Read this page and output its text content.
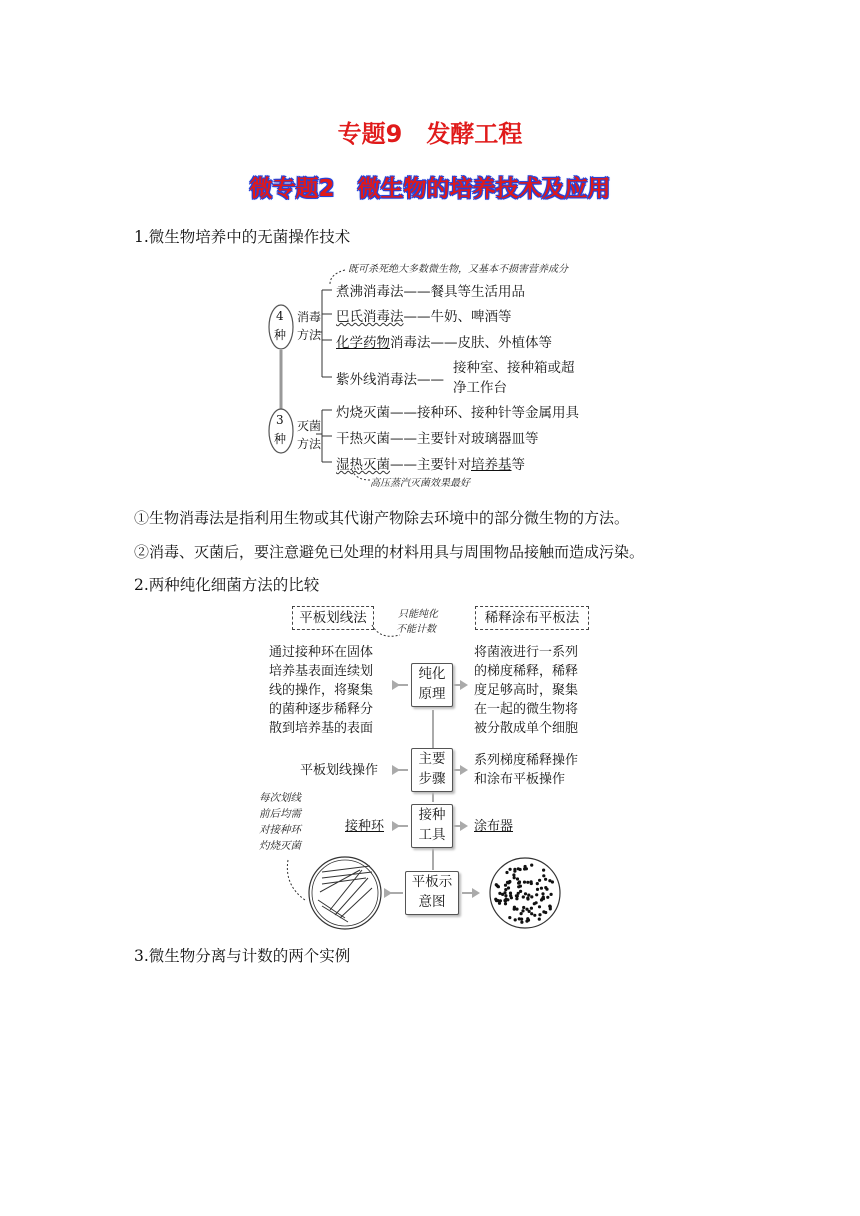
专题9　发酵工程
微专题2　微生物的培养技术及应用
1.微生物培养中的无菌操作技术
既可杀死绝大多数微生物，又基本不损害营养成分
4
种
消毒
方法
3
种
灭菌
方法
煮沸消毒法——餐具等生活用品
巴氏消毒法——牛奶、啤酒等
化学药物消毒法——皮肤、外植体等
紫外线消毒法——
接种室、接种箱或超
净工作台
灼烧灭菌——接种环、接种针等金属用具
干热灭菌——主要针对玻璃器皿等
湿热灭菌——主要针对培养基等
高压蒸汽灭菌效果最好
①生物消毒法是指利用生物或其代谢产物除去环境中的部分微生物的方法。
②消毒、灭菌后，要注意避免已处理的材料用具与周围物品接触而造成污染。
2.两种纯化细菌方法的比较
平板划线法	稀释涂布平板法
只能纯化
不能计数
纯化
原理
通过接种环在固体
培养基表面连续划
线的操作，将聚集
的菌种逐步稀释分
散到培养基的表面
将菌液进行一系列
的梯度稀释，稀释
度足够高时，聚集
在一起的微生物将
被分散成单个细胞
主要
步骤
平板划线操作
系列梯度稀释操作
和涂布平板操作
接种
工具
接种环	涂布器
每次划线
前后均需
对接种环
灼烧灭菌
平板示
意图
3.微生物分离与计数的两个实例
